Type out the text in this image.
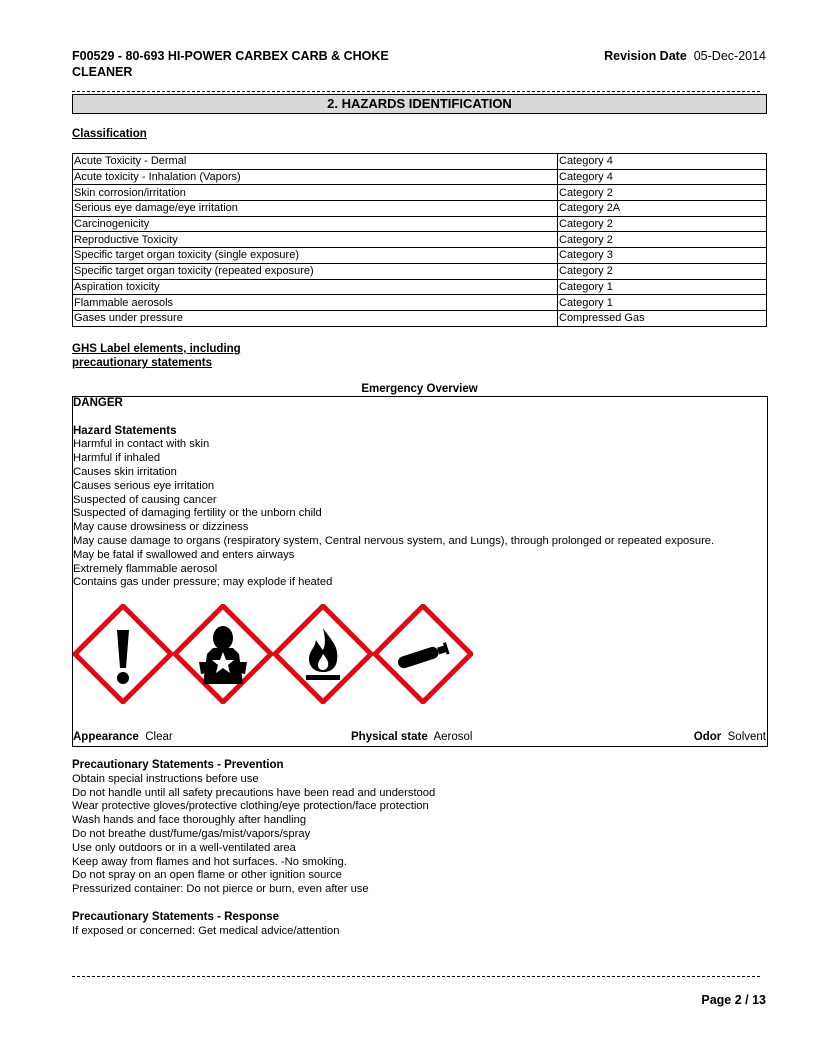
F00529 - 80-693 HI-POWER CARBEX CARB & CHOKE
CLEANER
Revision Date 05-Dec-2014
2. HAZARDS IDENTIFICATION
Classification
Acute Toxicity - Dermal	Category 4
Acute toxicity - Inhalation (Vapors)	Category 4
Skin corrosion/irritation	Category 2
Serious eye damage/eye irritation	Category 2A
Carcinogenicity	Category 2
Reproductive Toxicity	Category 2
Specific target organ toxicity (single exposure)	Category 3
Specific target organ toxicity (repeated exposure)	Category 2
Aspiration toxicity	Category 1
Flammable aerosols	Category 1
Gases under pressure	Compressed Gas
GHS Label elements, including
precautionary statements
Emergency Overview
DANGER
Hazard Statements
Harmful in contact with skin
Harmful if inhaled
Causes skin irritation
Causes serious eye irritation
Suspected of causing cancer
Suspected of damaging fertility or the unborn child
May cause drowsiness or dizziness
May cause damage to organs (respiratory system, Central nervous system, and Lungs), through prolonged or repeated exposure.
May be fatal if swallowed and enters airways
Extremely flammable aerosol
Contains gas under pressure; may explode if heated
Appearance Clear	Physical state Aerosol	Odor Solvent
Precautionary Statements - Prevention
Obtain special instructions before use
Do not handle until all safety precautions have been read and understood
Wear protective gloves/protective clothing/eye protection/face protection
Wash hands and face thoroughly after handling
Do not breathe dust/fume/gas/mist/vapors/spray
Use only outdoors or in a well-ventilated area
Keep away from flames and hot surfaces. -No smoking.
Do not spray on an open flame or other ignition source
Pressurized container: Do not pierce or burn, even after use
Precautionary Statements - Response
If exposed or concerned: Get medical advice/attention
Page 2 / 13
